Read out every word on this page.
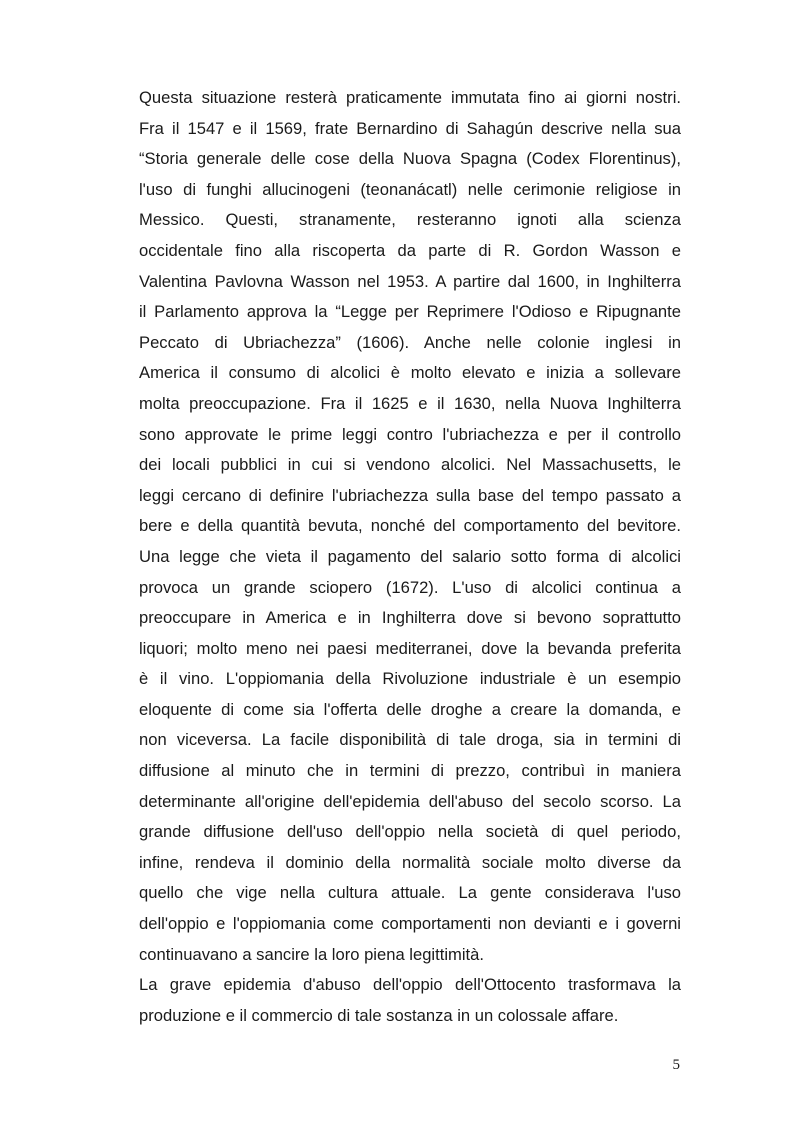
Questa situazione resterà praticamente immutata fino ai giorni nostri.
Fra il 1547 e il 1569, frate Bernardino di Sahagún descrive nella sua
“Storia generale delle cose della Nuova Spagna (Codex Florentinus),
l'uso di funghi allucinogeni (teonanácatl) nelle cerimonie religiose in
Messico. Questi, stranamente, resteranno ignoti alla scienza
occidentale fino alla riscoperta da parte di R. Gordon Wasson e
Valentina Pavlovna Wasson nel 1953. A partire dal 1600, in Inghilterra
il Parlamento approva la “Legge per Reprimere l'Odioso e Ripugnante
Peccato di Ubriachezza” (1606). Anche nelle colonie inglesi in
America il consumo di alcolici è molto elevato e inizia a sollevare
molta preoccupazione. Fra il 1625 e il 1630, nella Nuova Inghilterra
sono approvate le prime leggi contro l'ubriachezza e per il controllo
dei locali pubblici in cui si vendono alcolici. Nel Massachusetts, le
leggi cercano di definire l'ubriachezza sulla base del tempo passato a
bere e della quantità bevuta, nonché del comportamento del bevitore.
Una legge che vieta il pagamento del salario sotto forma di alcolici
provoca un grande sciopero (1672). L'uso di alcolici continua a
preoccupare in America e in Inghilterra dove si bevono soprattutto
liquori; molto meno nei paesi mediterranei, dove la bevanda preferita
è il vino. L'oppiomania della Rivoluzione industriale è un esempio
eloquente di come sia l'offerta delle droghe a creare la domanda, e
non viceversa. La facile disponibilità di tale droga, sia in termini di
diffusione al minuto che in termini di prezzo, contribuì in maniera
determinante all'origine dell'epidemia dell'abuso del secolo scorso. La
grande diffusione dell'uso dell'oppio nella società di quel periodo,
infine, rendeva il dominio della normalità sociale molto diverse da
quello che vige nella cultura attuale. La gente considerava l'uso
dell'oppio e l'oppiomania come comportamenti non devianti e i governi
continuavano a sancire la loro piena legittimità.

La grave epidemia d'abuso dell'oppio dell'Ottocento trasformava la
produzione e il commercio di tale sostanza in un colossale affare.

5
